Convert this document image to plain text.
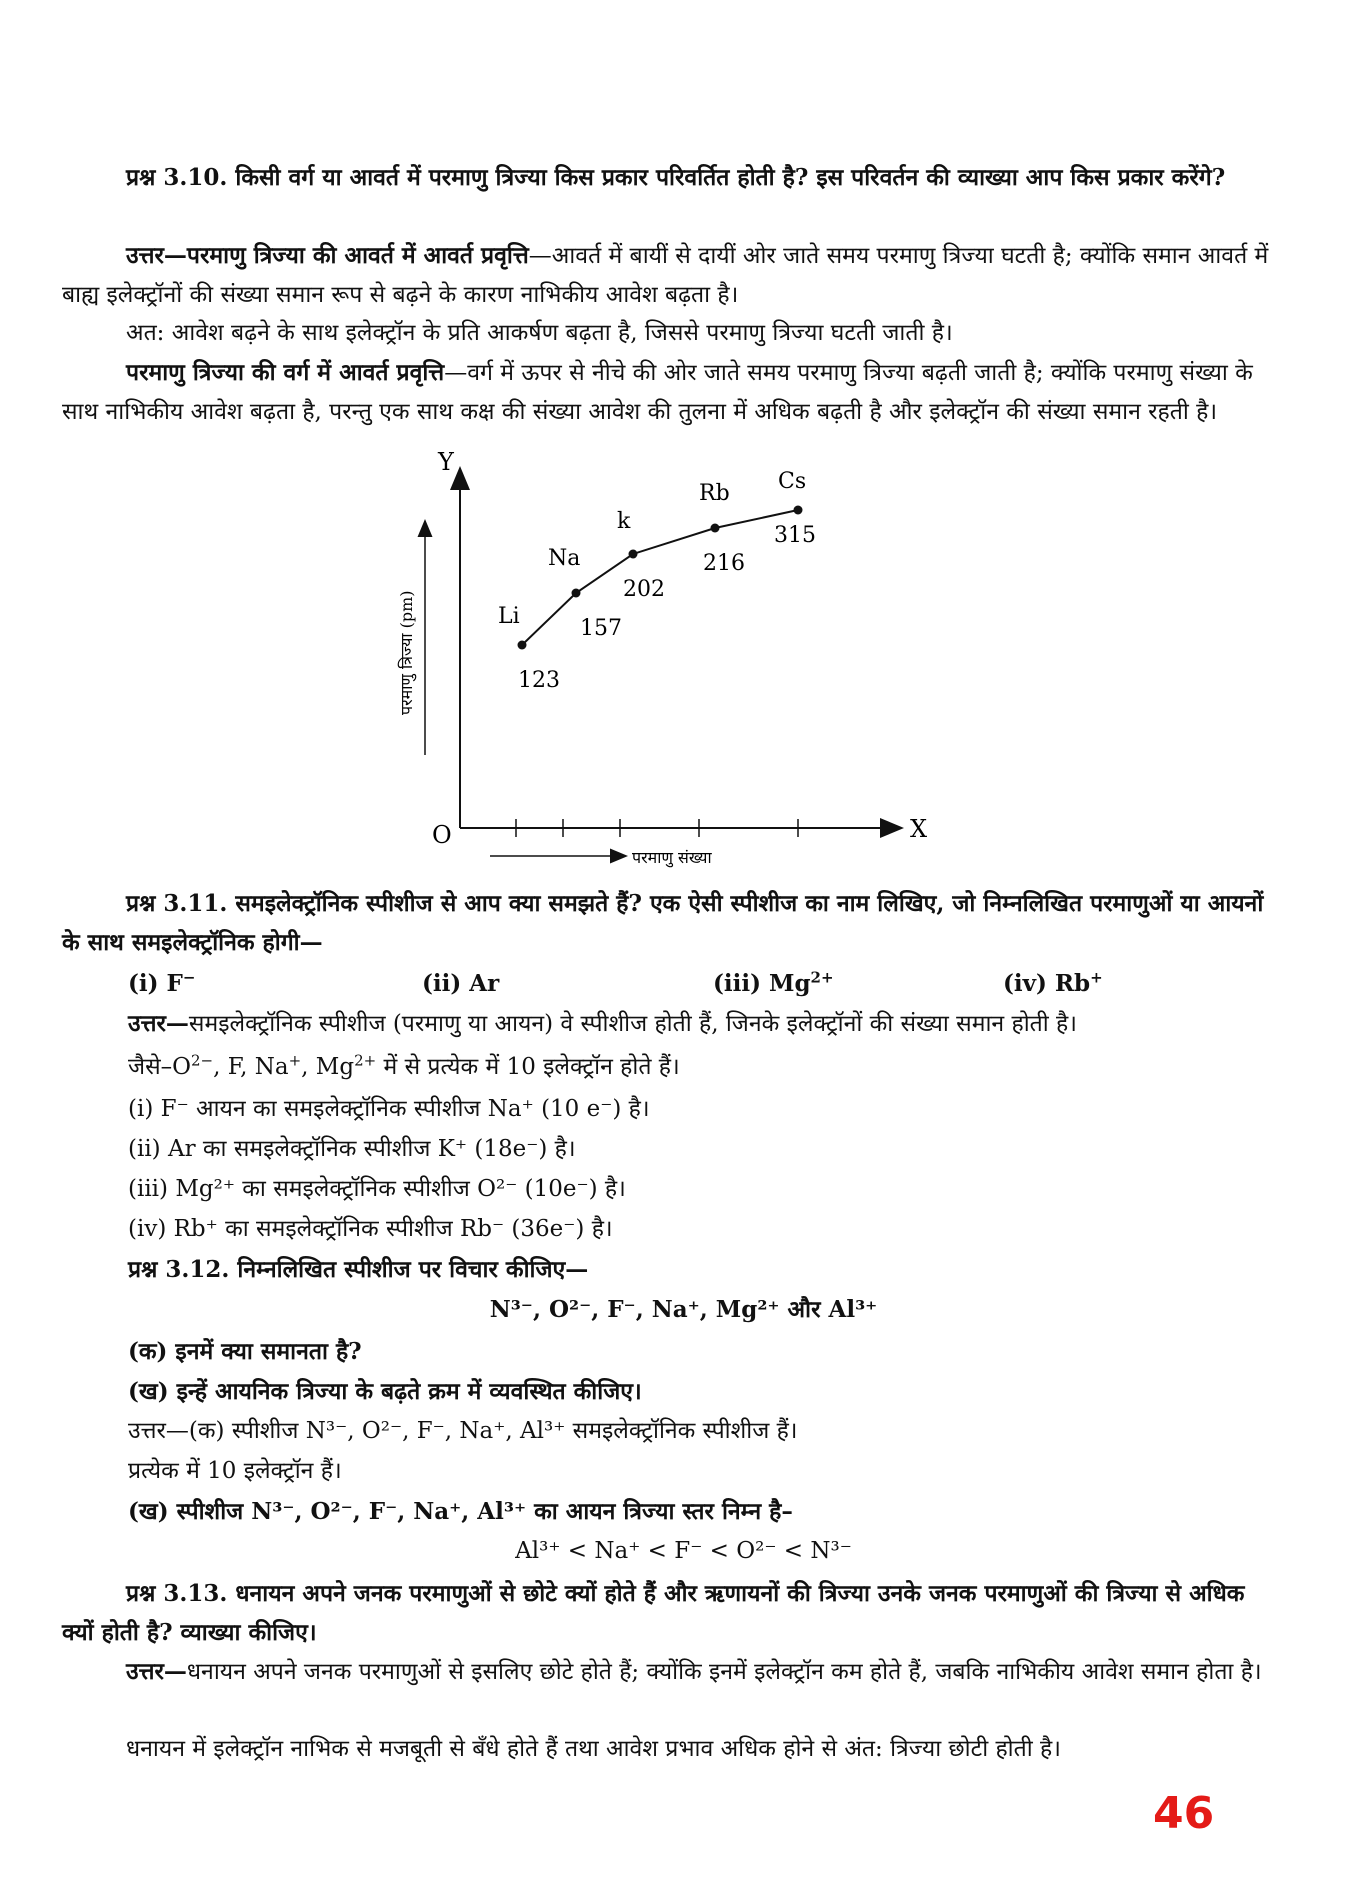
प्रश्न 3.10. किसी वर्ग या आवर्त में परमाणु त्रिज्या किस प्रकार परिवर्तित होती है? इस परिवर्तन की व्याख्या आप किस प्रकार करेंगे?
उत्तर—परमाणु त्रिज्या की आवर्त में आवर्त प्रवृत्ति—आवर्त में बायीं से दायीं ओर जाते समय परमाणु त्रिज्या घटती है; क्योंकि समान आवर्त में बाह्य इलेक्ट्रॉनों की संख्या समान रूप से बढ़ने के कारण नाभिकीय आवेश बढ़ता है।
अत: आवेश बढ़ने के साथ इलेक्ट्रॉन के प्रति आकर्षण बढ़ता है, जिससे परमाणु त्रिज्या घटती जाती है।
परमाणु त्रिज्या की वर्ग में आवर्त प्रवृत्ति—वर्ग में ऊपर से नीचे की ओर जाते समय परमाणु त्रिज्या बढ़ती जाती है; क्योंकि परमाणु संख्या के साथ नाभिकीय आवेश बढ़ता है, परन्तु एक साथ कक्ष की संख्या आवेश की तुलना में अधिक बढ़ती है और इलेक्ट्रॉन की संख्या समान रहती है।
Y
X
O
परमाणु त्रिज्या (pm)
परमाणु संख्या
Li
123
Na
157
k
202
Rb
216
Cs
315
प्रश्न 3.11. समइलेक्ट्रॉनिक स्पीशीज से आप क्या समझते हैं? एक ऐसी स्पीशीज का नाम लिखिए, जो निम्नलिखित परमाणुओं या आयनों के साथ समइलेक्ट्रॉनिक होगी—
(i) F−	(ii) Ar	(iii) $Mg^{2+}$	(iv) Rb+
उत्तर—समइलेक्ट्रॉनिक स्पीशीज (परमाणु या आयन) वे स्पीशीज होती हैं, जिनके इलेक्ट्रॉनों की संख्या समान होती है।
$जैसे-O^{2-}$, F, Na+, $Mg^{2+}$ में से प्रत्येक में 10 इलेक्ट्रॉन होते हैं।
(i) F⁻ आयन का समइलेक्ट्रॉनिक स्पीशीज Na⁺ (10 e⁻) है।
(ii) Ar का समइलेक्ट्रॉनिक स्पीशीज K⁺ (18e⁻) है।
(iii) Mg²⁺ का समइलेक्ट्रॉनिक स्पीशीज O²⁻ (10e⁻) है।
(iv) Rb⁺ का समइलेक्ट्रॉनिक स्पीशीज Rb⁻ (36e⁻) है।
प्रश्न 3.12. निम्नलिखित स्पीशीज पर विचार कीजिए—
N³⁻, O²⁻, F⁻, Na⁺, Mg²⁺ और Al³⁺
(क) इनमें क्या समानता है?
(ख) इन्हें आयनिक त्रिज्या के बढ़ते क्रम में व्यवस्थित कीजिए।
उत्तर—(क) स्पीशीज N³⁻, O²⁻, F⁻, Na⁺, Al³⁺ समइलेक्ट्रॉनिक स्पीशीज हैं।
प्रत्येक में 10 इलेक्ट्रॉन हैं।
(ख) स्पीशीज N³⁻, O²⁻, F⁻, Na⁺, Al³⁺ का आयन त्रिज्या स्तर निम्न है–
Al³⁺ < Na⁺ < F⁻ < O²⁻ < N³⁻
प्रश्न 3.13. धनायन अपने जनक परमाणुओं से छोटे क्यों होते हैं और ऋणायनों की त्रिज्या उनके जनक परमाणुओं की त्रिज्या से अधिक क्यों होती है? व्याख्या कीजिए।
उत्तर—धनायन अपने जनक परमाणुओं से इसलिए छोटे होते हैं; क्योंकि इनमें इलेक्ट्रॉन कम होते हैं, जबकि नाभिकीय आवेश समान होता है।
धनायन में इलेक्ट्रॉन नाभिक से मजबूती से बँधे होते हैं तथा आवेश प्रभाव अधिक होने से अंत: त्रिज्या छोटी होती है।
46
